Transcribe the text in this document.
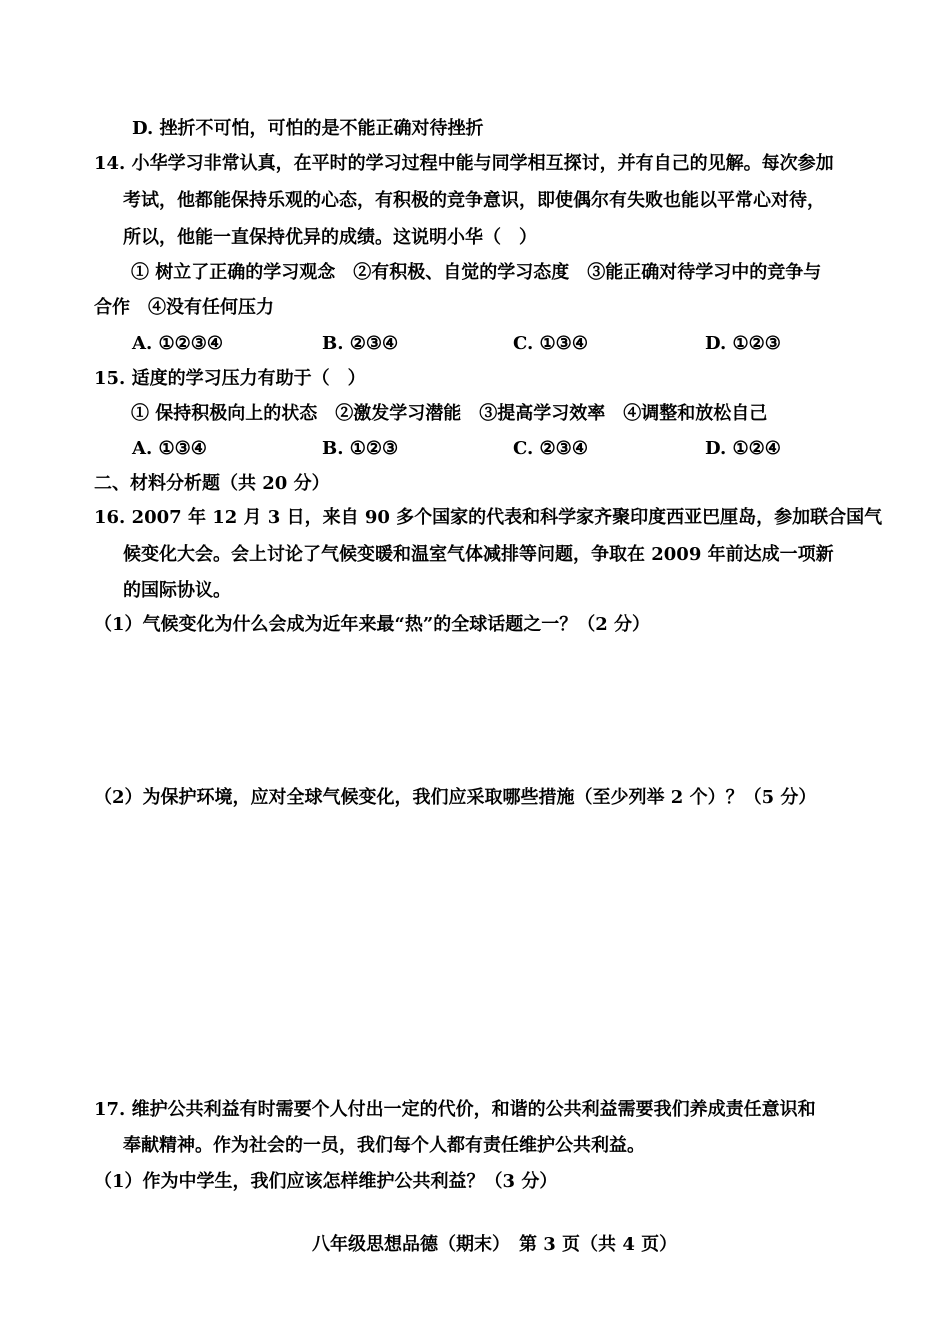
D. 挫折不可怕，可怕的是不能正确对待挫折
14. 小华学习非常认真，在平时的学习过程中能与同学相互探讨，并有自己的见解。每次参加
考试，他都能保持乐观的心态，有积极的竞争意识，即使偶尔有失败也能以平常心对待，
所以，他能一直保持优异的成绩。这说明小华（　）
① 树立了正确的学习观念　②有积极、自觉的学习态度　③能正确对待学习中的竞争与
合作　④没有任何压力
A. ①②③④	B. ②③④	C. ①③④	D. ①②③
15. 适度的学习压力有助于（　）
① 保持积极向上的状态　②激发学习潜能　③提高学习效率　④调整和放松自己
A. ①③④	B. ①②③	C. ②③④	D. ①②④
二、材料分析题（共 20 分）
16. 2007 年 12 月 3 日，来自 90 多个国家的代表和科学家齐聚印度西亚巴厘岛，参加联合国气
候变化大会。会上讨论了气候变暖和温室气体减排等问题，争取在 2009 年前达成一项新
的国际协议。
（1）气候变化为什么会成为近年来最“热”的全球话题之一？（2 分）
（2）为保护环境，应对全球气候变化，我们应采取哪些措施（至少列举 2 个）？（5 分）
17. 维护公共利益有时需要个人付出一定的代价，和谐的公共利益需要我们养成责任意识和
奉献精神。作为社会的一员，我们每个人都有责任维护公共利益。
（1）作为中学生，我们应该怎样维护公共利益？（3 分）
八年级思想品德（期末）　第 3 页（共 4 页）
